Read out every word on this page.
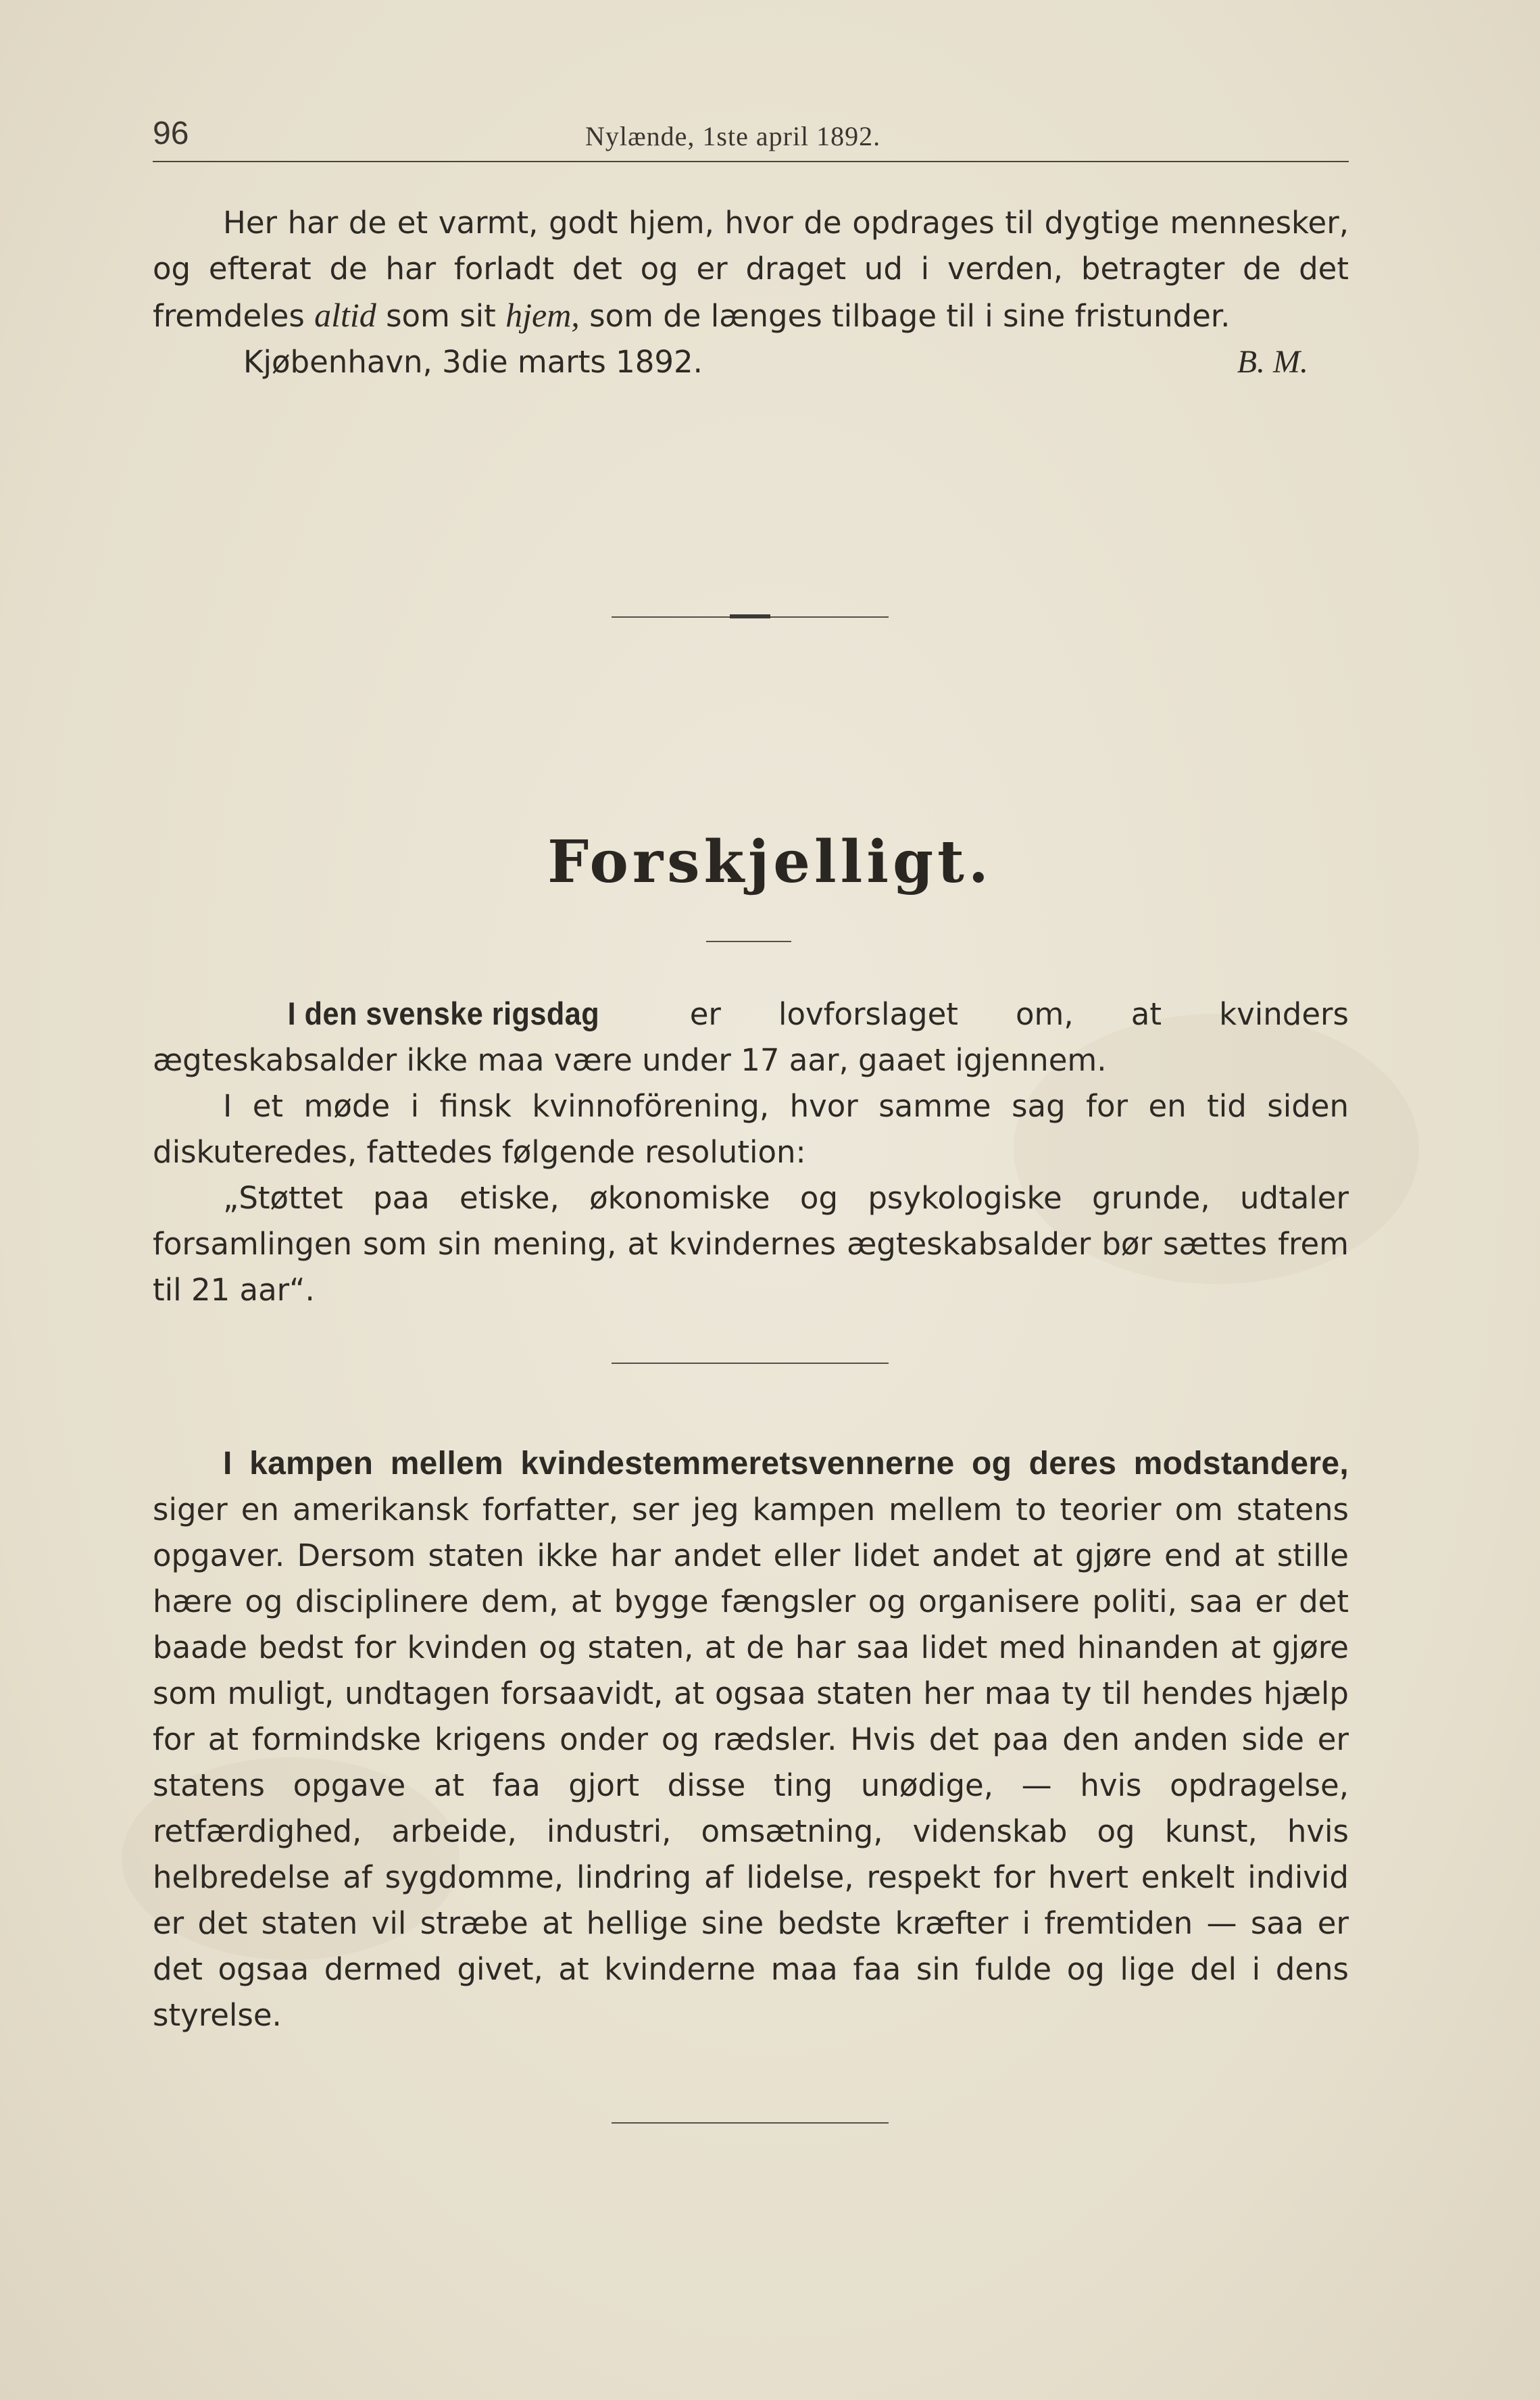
96	Nylænde, 1ste april 1892.

Her har de et varmt, godt hjem, hvor de opdrages til dygtige mennesker, og efterat de har forladt det og er draget ud i verden, betragter de det fremdeles altid som sit hjem, som de længes tilbage til i sine fristunder.

Kjøbenhavn, 3die marts 1892.	B. M.
Forskjelligt.

I den svenske rigsdag	er lovforslaget om, at kvinders ægteskabsalder ikke maa være under 17 aar, gaaet igjennem.

I et møde i finsk kvinnoförening, hvor samme sag for en tid siden diskuteredes, fattedes følgende resolution:

„Støttet paa etiske, økonomiske og psykologiske grunde, udtaler forsamlingen som sin mening, at kvindernes ægteskabsalder bør sættes frem til 21 aar“.

I kampen mellem kvindestemmeretsvennerne og deres modstandere, siger en amerikansk forfatter, ser jeg kampen mellem to teorier om statens opgaver. Dersom staten ikke har andet eller lidet andet at gjøre end at stille hære og disciplinere dem, at bygge fængsler og organisere politi, saa er det baade bedst for kvinden og staten, at de har saa lidet med hinanden at gjøre som muligt, undtagen forsaavidt, at ogsaa staten her maa ty til hendes hjælp for at formindske krigens onder og rædsler. Hvis det paa den anden side er statens opgave at faa gjort disse ting unødige, — hvis opdragelse, retfærdighed, arbeide, industri, omsætning, videnskab og kunst, hvis helbredelse af sygdomme, lindring af lidelse, respekt for hvert enkelt individ er det staten vil stræbe at hellige sine bedste kræfter i fremtiden — saa er det ogsaa dermed givet, at kvinderne maa faa sin fulde og lige del i dens styrelse.
